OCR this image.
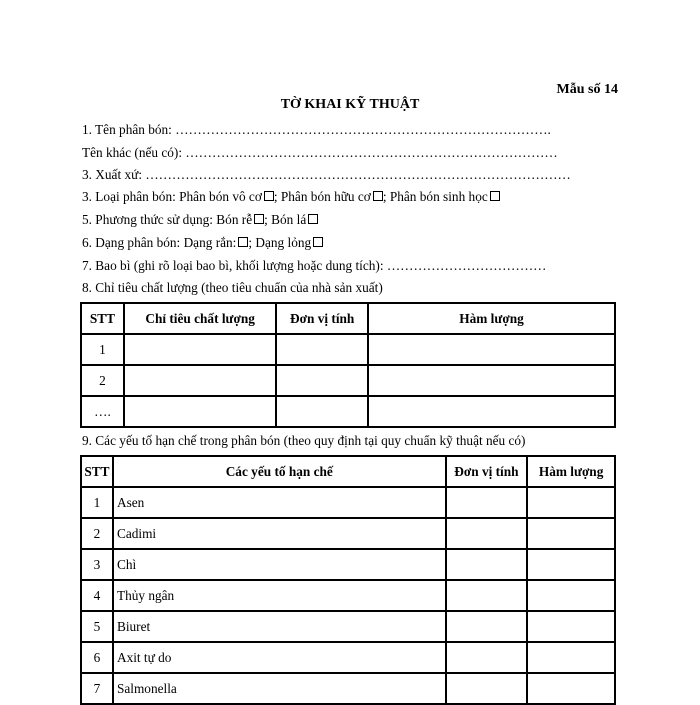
Mẫu số 14
TỜ KHAI KỸ THUẬT
1. Tên phân bón: ………………………………………………………………………….
Tên khác (nếu có): …………………………………………………………………………
3. Xuất xứ: ……………………………………………………………………………………
3. Loại phân bón: Phân bón vô cơ ; Phân bón hữu cơ ; Phân bón sinh học
5. Phương thức sử dụng: Bón rễ ; Bón lá
6. Dạng phân bón: Dạng rắn: ; Dạng lỏng
7. Bao bì (ghi rõ loại bao bì, khối lượng hoặc dung tích): ………………………………
8. Chỉ tiêu chất lượng (theo tiêu chuẩn của nhà sản xuất)
STT	Chỉ tiêu chất lượng	Đơn vị tính	Hàm lượng
1			
2			
….			
9. Các yếu tố hạn chế trong phân bón (theo quy định tại quy chuẩn kỹ thuật nếu có)
STT	Các yếu tố hạn chế	Đơn vị tính	Hàm lượng
1	Asen		
2	Cadimi		
3	Chì		
4	Thủy ngân		
5	Biuret		
6	Axit tự do		
7	Salmonella		
